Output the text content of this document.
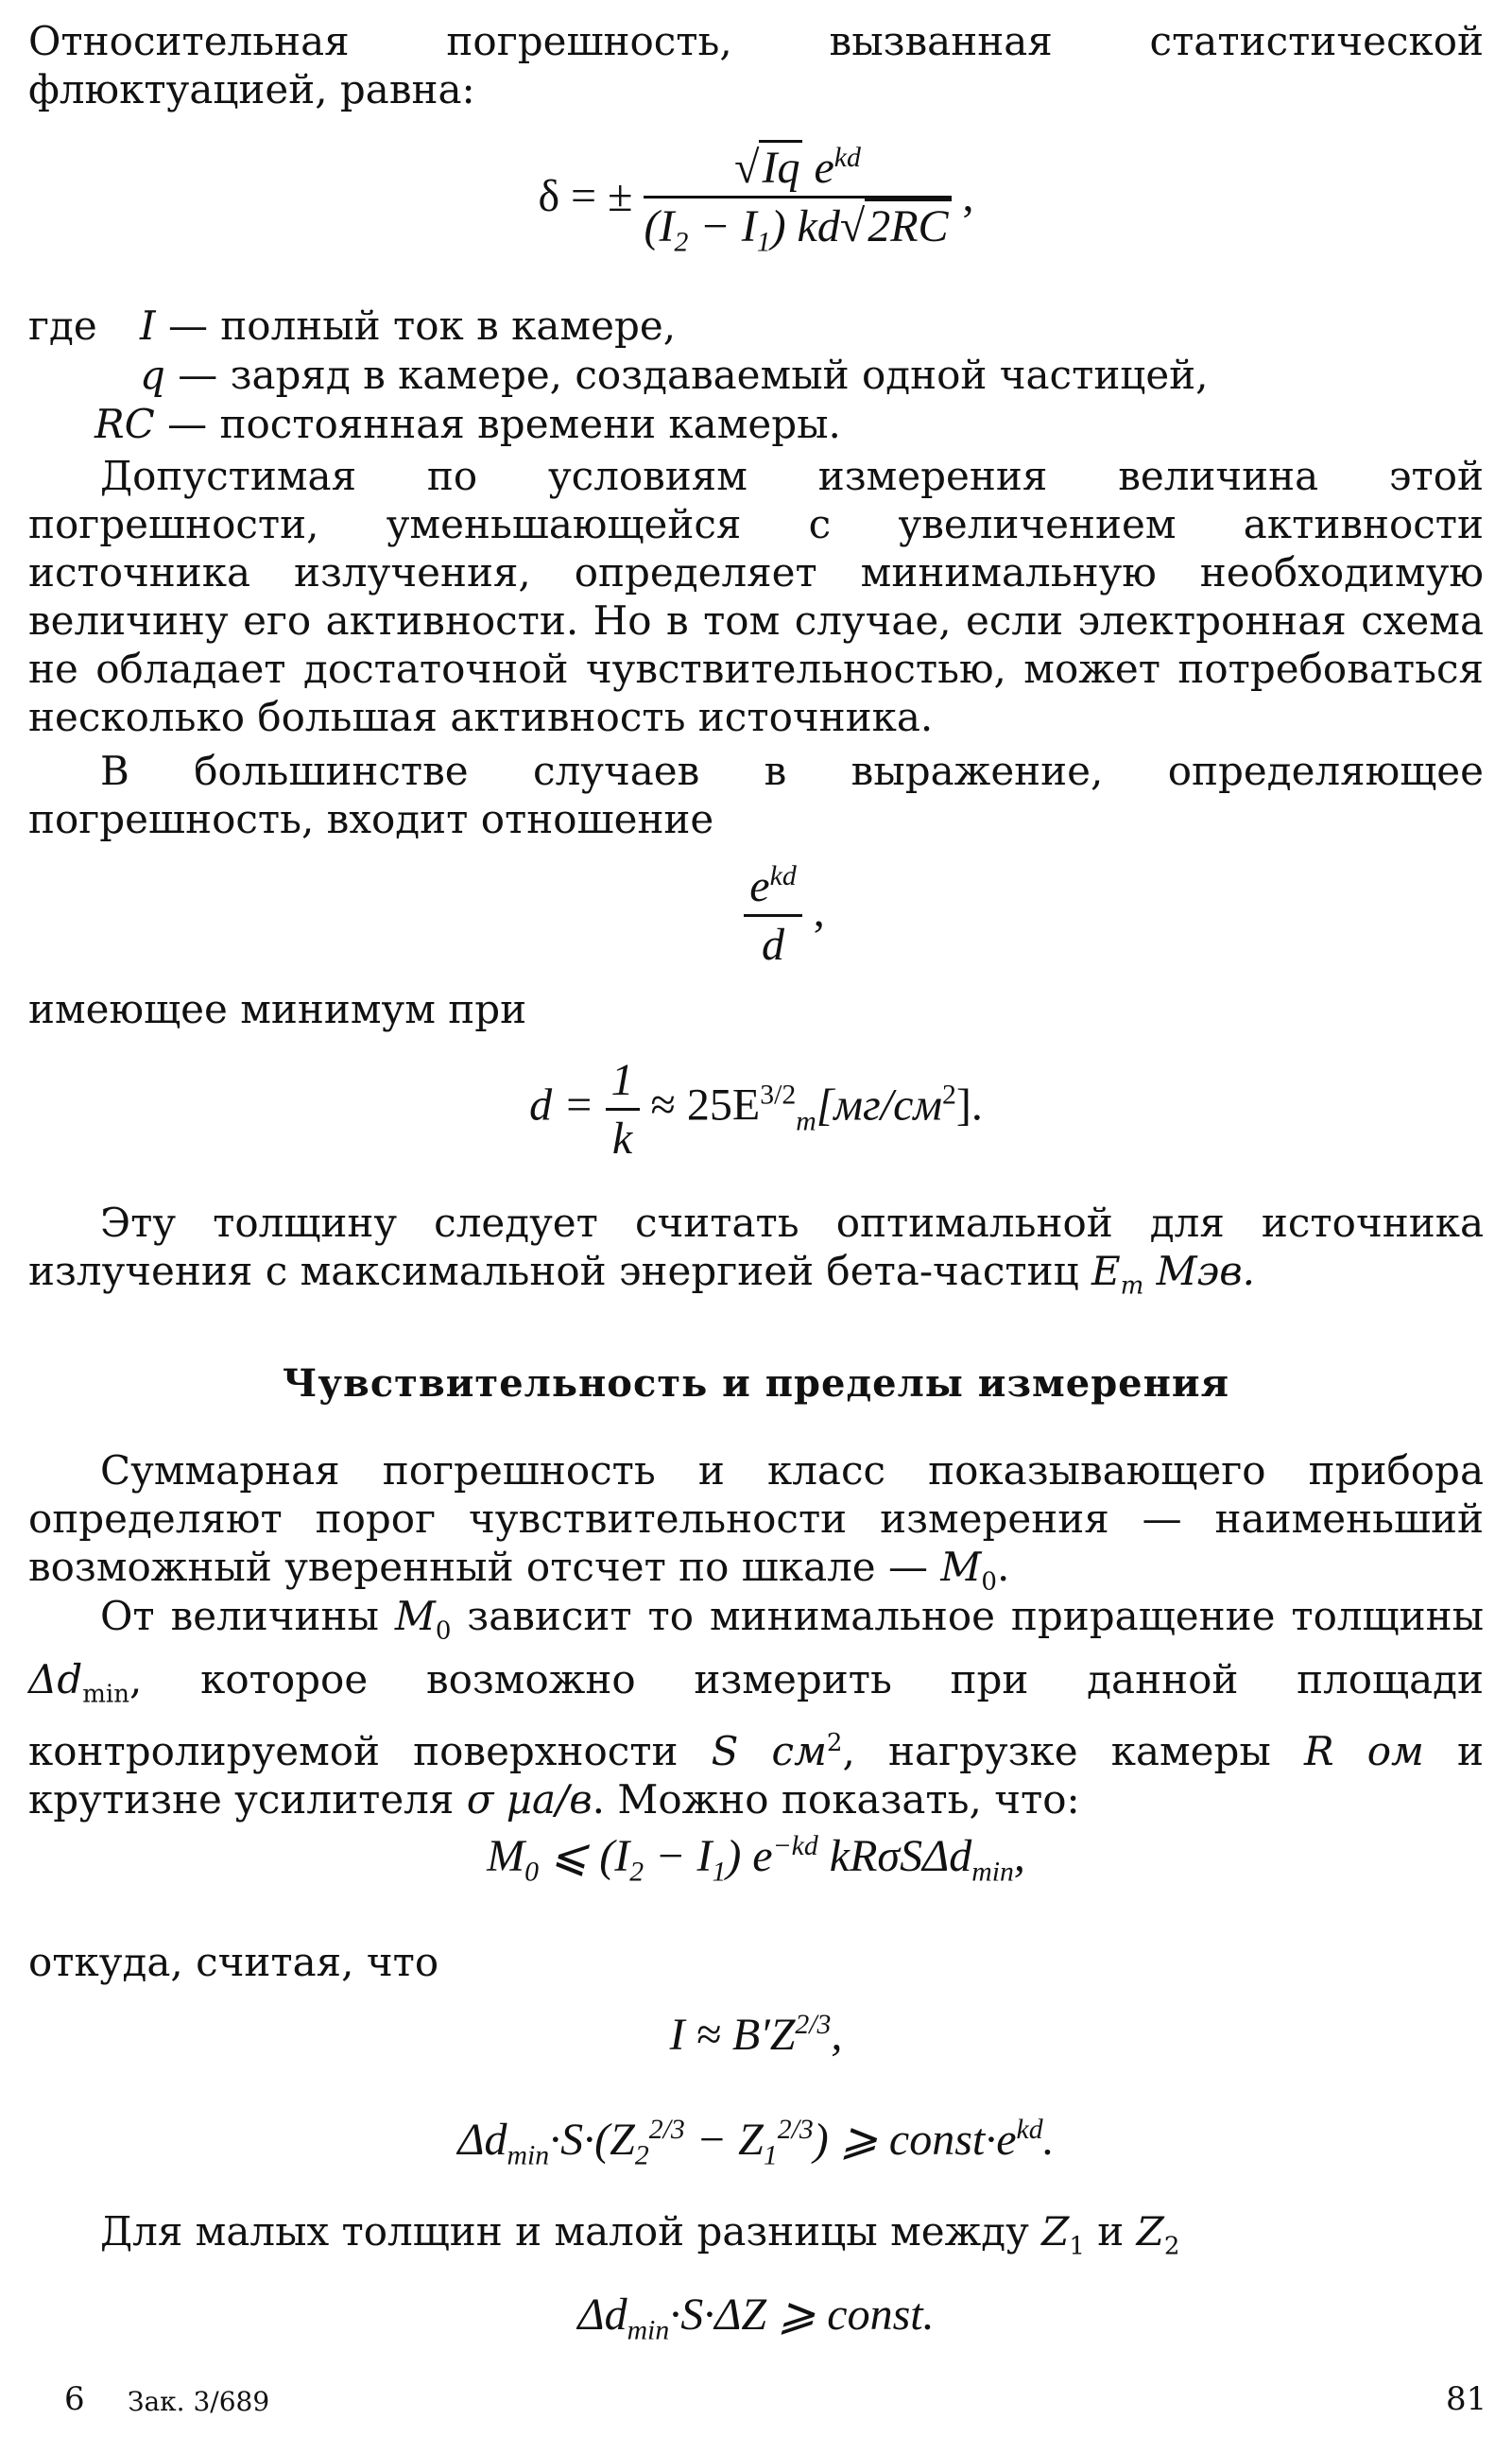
Относительная погрешность, вызванная статистической флюктуацией, равна:

δ = ± $\frac{√Iq e^{kd}}{(I_2 - I_1) kd√2RC}$ ,
где I — полный ток в камере,
q — заряд в камере, создаваемый одной частицей,
RC — постоянная времени камеры.

Допустимая по условиям измерения величина этой погрешности, уменьшающейся с увеличением активности источника излучения, определяет минимальную необходимую величину его активности. Но в том случае, если электронная схема не обладает достаточной чувствительностью, может потребоваться несколько большая активность источника.

В большинстве случаев в выражение, определяющее погрешность, входит отношение

$\frac{e^{kd}}{d}$ ,

имеющее минимум при

$d = \frac{1}{k} \approx 25E^{3/2}_m[мг/см^2]$.

Эту толщину следует считать оптимальной для источника излучения с максимальной энергией бета-частиц $E_m$ Мэв.

Чувствительность и пределы измерения

Суммарная погрешность и класс показывающего прибора определяют порог чувствительности измерения — наименьший возможный уверенный отсчет по шкале — $M_0$.

От величины $M_0$ зависит то минимальное приращение толщины $\Delta d_{min}$, которое возможно измерить при данной площади контролируемой поверхности S $см^2$, нагрузке камеры R ом и крутизне усилителя σ μа/в. Можно показать, что:

$M_0$ ⩽ $(I_2 - I_1)$ $e^{-kd}$ kRσSΔd$_{min}$,

откуда, считая, что

$I \approx B'Z^{2/3}$,
$\Delta d_{min}\cdot S\cdot(Z_2^{2/3} - Z_1^{2/3})$ ⩾ $const\cdot e^{kd}$.

Для малых толщин и малой разницы между $Z_1$ и $Z_2$

$\Delta d_{min}\cdot S\cdot\Delta Z$ ⩾ const.
6 Зак. 3/689	81
